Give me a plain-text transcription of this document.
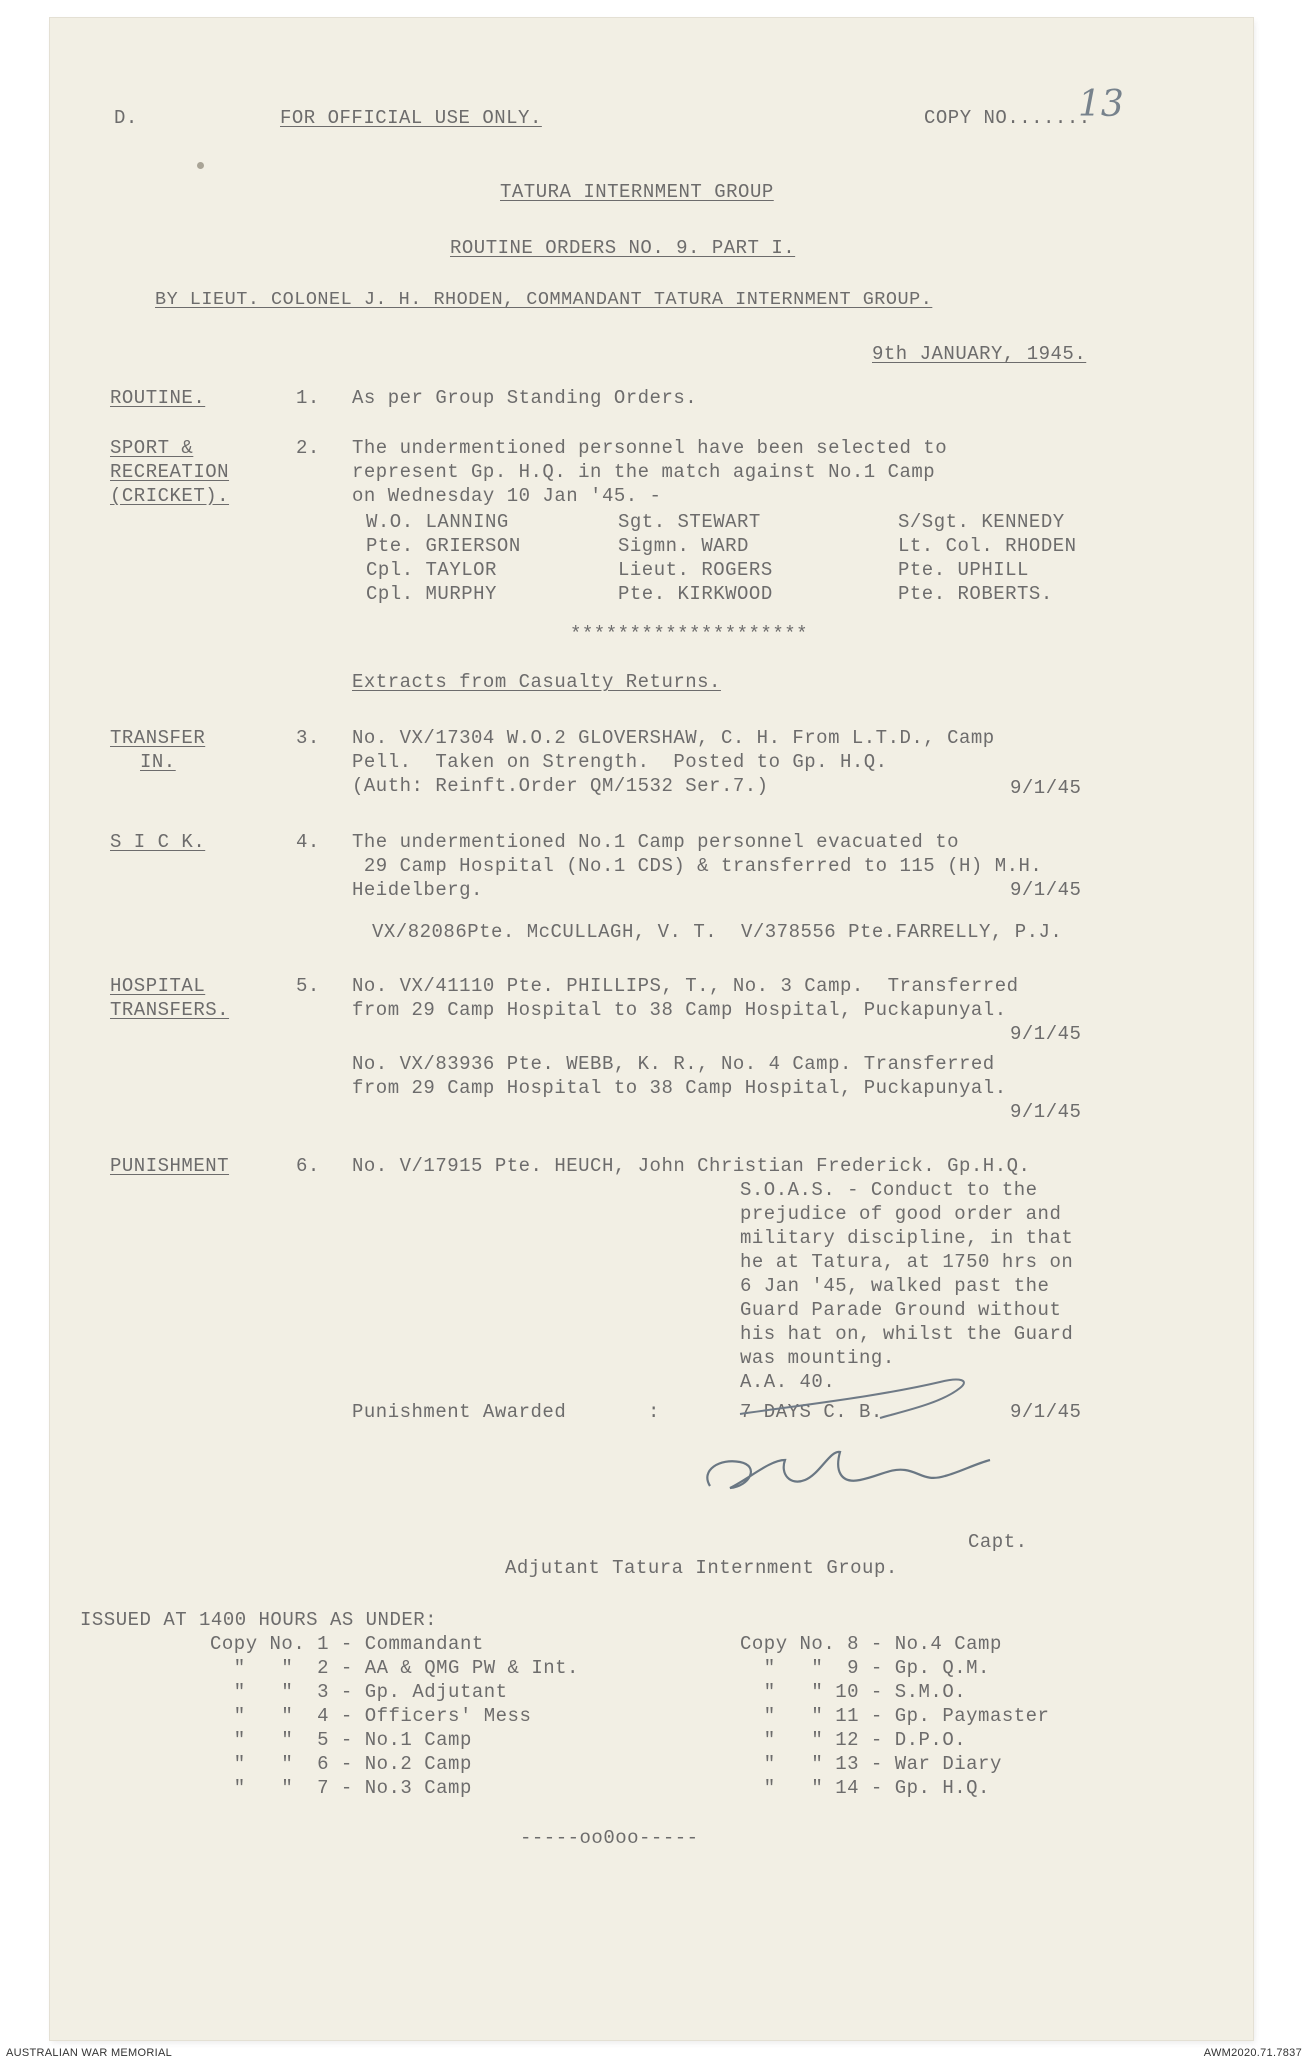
D.	FOR OFFICIAL USE ONLY.	COPY NO.......
13
TATURA INTERNMENT GROUP
ROUTINE ORDERS NO. 9. PART I.
BY LIEUT. COLONEL J. H. RHODEN, COMMANDANT TATURA INTERNMENT GROUP.
9th JANUARY, 1945.
ROUTINE.	1. As per Group Standing Orders.
SPORT &
RECREATION
(CRICKET).
2. The undermentioned personnel have been selected to
represent Gp. H.Q. in the match against No.1 Camp
on Wednesday 10 Jan '45. -
W.O. LANNING	Sgt. STEWART	S/Sgt. KENNEDY
Pte. GRIERSON	Sigmn. WARD	Lt. Col. RHODEN
Cpl. TAYLOR	Lieut. ROGERS	Pte. UPHILL
Cpl. MURPHY	Pte. KIRKWOOD	Pte. ROBERTS.
********************
Extracts from Casualty Returns.
TRANSFER
IN.
3. No. VX/17304 W.O.2 GLOVERSHAW, C. H. From L.T.D., Camp
Pell.  Taken on Strength.  Posted to Gp. H.Q.
(Auth: Reinft.Order QM/1532 Ser.7.)	9/1/45
S I C K.	4. The undermentioned No.1 Camp personnel evacuated to
29 Camp Hospital (No.1 CDS) & transferred to 115 (H) M.H.
Heidelberg.	9/1/45
VX/82086Pte. McCULLAGH, V. T.  V/378556 Pte.FARRELLY, P.J.
HOSPITAL
TRANSFERS.
5. No. VX/41110 Pte. PHILLIPS, T., No. 3 Camp.  Transferred
from 29 Camp Hospital to 38 Camp Hospital, Puckapunyal.
9/1/45
No. VX/83936 Pte. WEBB, K. R., No. 4 Camp. Transferred
from 29 Camp Hospital to 38 Camp Hospital, Puckapunyal.
9/1/45
PUNISHMENT	6. No. V/17915 Pte. HEUCH, John Christian Frederick. Gp.H.Q.
S.O.A.S. - Conduct to the
prejudice of good order and
military discipline, in that
he at Tatura, at 1750 hrs on
6 Jan '45, walked past the
Guard Parade Ground without
his hat on, whilst the Guard
was mounting.
A.A. 40.
Punishment Awarded	:	7 DAYS C. B.	9/1/45
Capt.
Adjutant Tatura Internment Group.
ISSUED AT 1400 HOURS AS UNDER:
Copy No. 1 - Commandant
"   "  2 - AA & QMG PW & Int.
"   "  3 - Gp. Adjutant
"   "  4 - Officers' Mess
"   "  5 - No.1 Camp
"   "  6 - No.2 Camp
"   "  7 - No.3 Camp
Copy No. 8 - No.4 Camp
"   "  9 - Gp. Q.M.
"   " 10 - S.M.O.
"   " 11 - Gp. Paymaster
"   " 12 - D.P.O.
"   " 13 - War Diary
"   " 14 - Gp. H.Q.
-----oo0oo-----
AUSTRALIAN WAR MEMORIAL	AWM2020.71.7837
